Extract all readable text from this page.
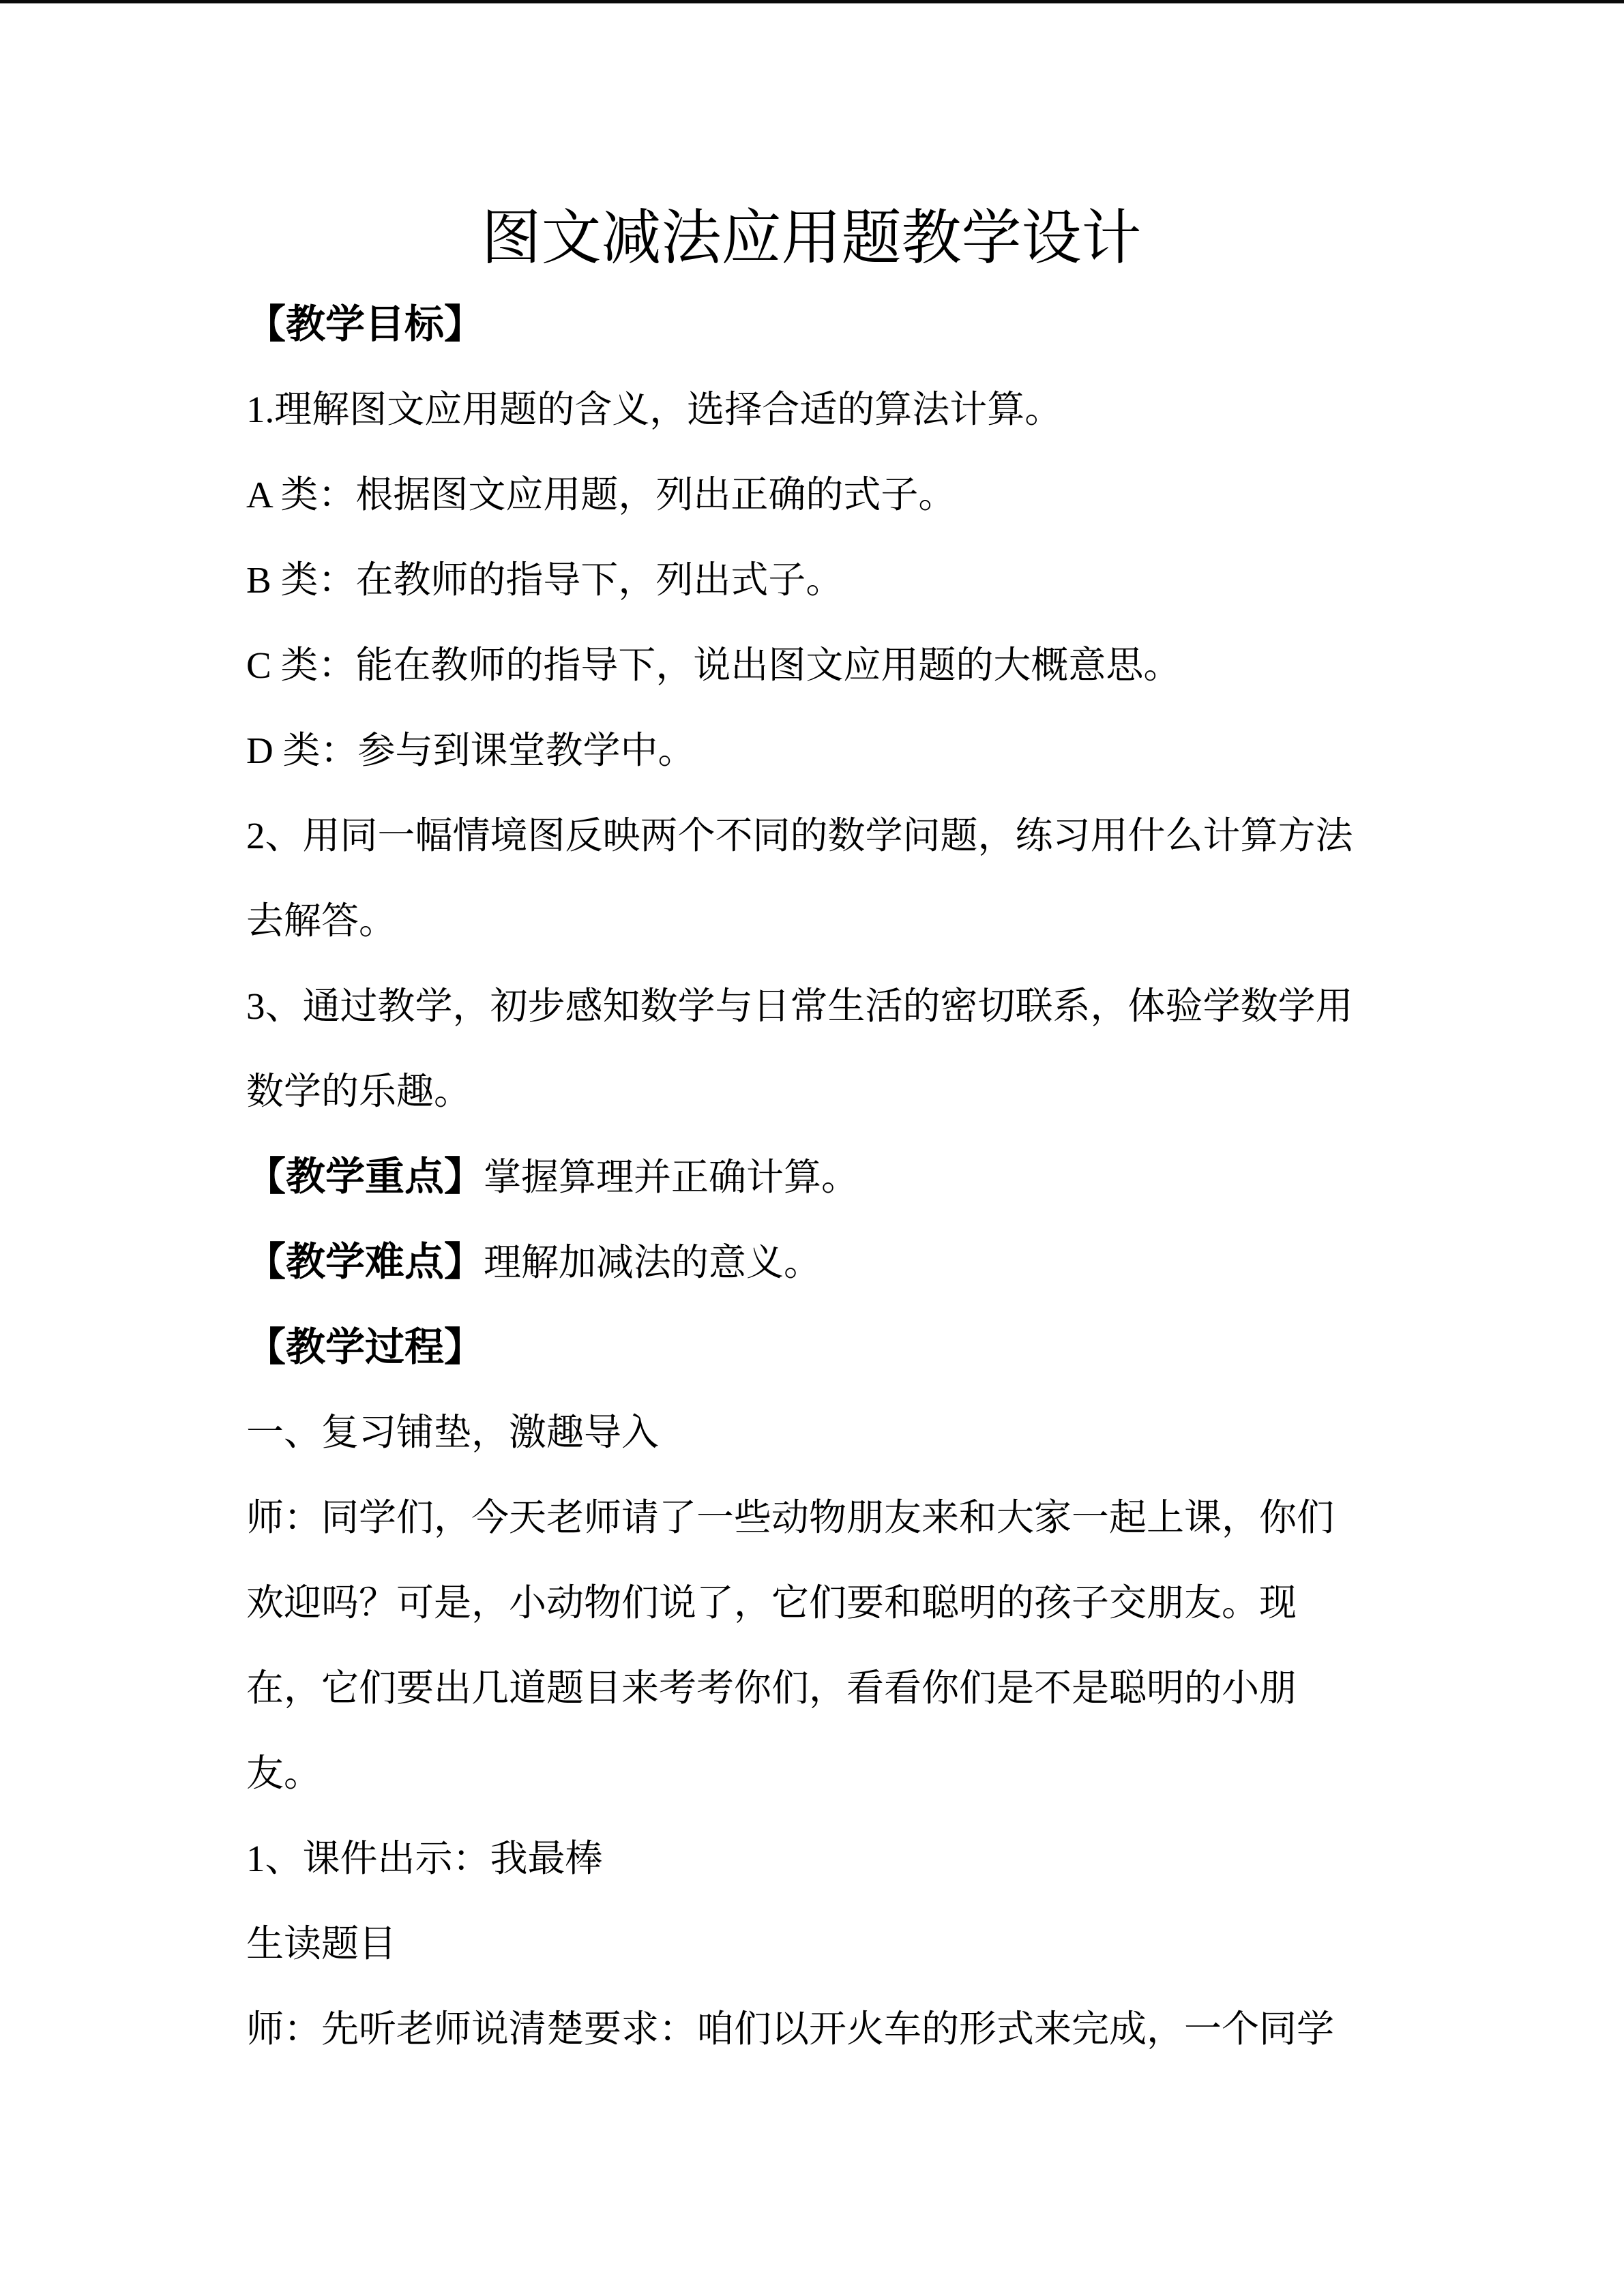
图文减法应用题教学设计
【教学目标】
1.理解图文应用题的含义，选择合适的算法计算。
A 类：根据图文应用题，列出正确的式子。
B 类：在教师的指导下，列出式子。
C 类：能在教师的指导下，说出图文应用题的大概意思。
D 类：参与到课堂教学中。
2、用同一幅情境图反映两个不同的数学问题，练习用什么计算方法
去解答。
3、通过教学，初步感知数学与日常生活的密切联系，体验学数学用
数学的乐趣。
【教学重点】掌握算理并正确计算。
【教学难点】理解加减法的意义。
【教学过程】
一、复习铺垫，激趣导入
师：同学们，今天老师请了一些动物朋友来和大家一起上课，你们
欢迎吗？可是，小动物们说了，它们要和聪明的孩子交朋友。现
在，它们要出几道题目来考考你们，看看你们是不是聪明的小朋
友。
1、课件出示：我最棒
生读题目
师：先听老师说清楚要求：咱们以开火车的形式来完成，一个同学
